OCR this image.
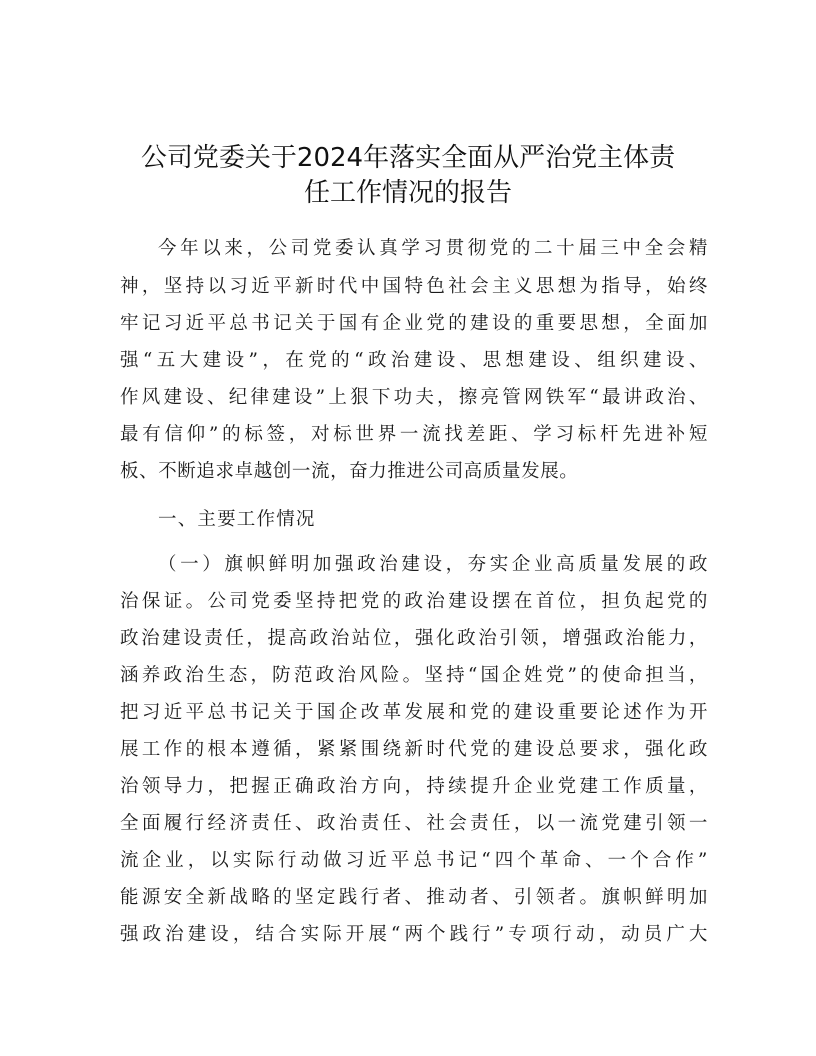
公司党委关于2024年落实全面从严治党主体责
任工作情况的报告
今年以来，公司党委认真学习贯彻党的二十届三中全会精
神，坚持以习近平新时代中国特色社会主义思想为指导，始终
牢记习近平总书记关于国有企业党的建设的重要思想，全面加
强“五大建设”，在党的“政治建设、思想建设、组织建设、
作风建设、纪律建设”上狠下功夫，擦亮管网铁军“最讲政治、
最有信仰”的标签，对标世界一流找差距、学习标杆先进补短
板、不断追求卓越创一流，奋力推进公司高质量发展。
一、主要工作情况
（一）旗帜鲜明加强政治建设，夯实企业高质量发展的政
治保证。公司党委坚持把党的政治建设摆在首位，担负起党的
政治建设责任，提高政治站位，强化政治引领，增强政治能力，
涵养政治生态，防范政治风险。坚持“国企姓党”的使命担当，
把习近平总书记关于国企改革发展和党的建设重要论述作为开
展工作的根本遵循，紧紧围绕新时代党的建设总要求，强化政
治领导力，把握正确政治方向，持续提升企业党建工作质量，
全面履行经济责任、政治责任、社会责任，以一流党建引领一
流企业，以实际行动做习近平总书记“四个革命、一个合作”
能源安全新战略的坚定践行者、推动者、引领者。旗帜鲜明加
强政治建设，结合实际开展“两个践行”专项行动，动员广大
